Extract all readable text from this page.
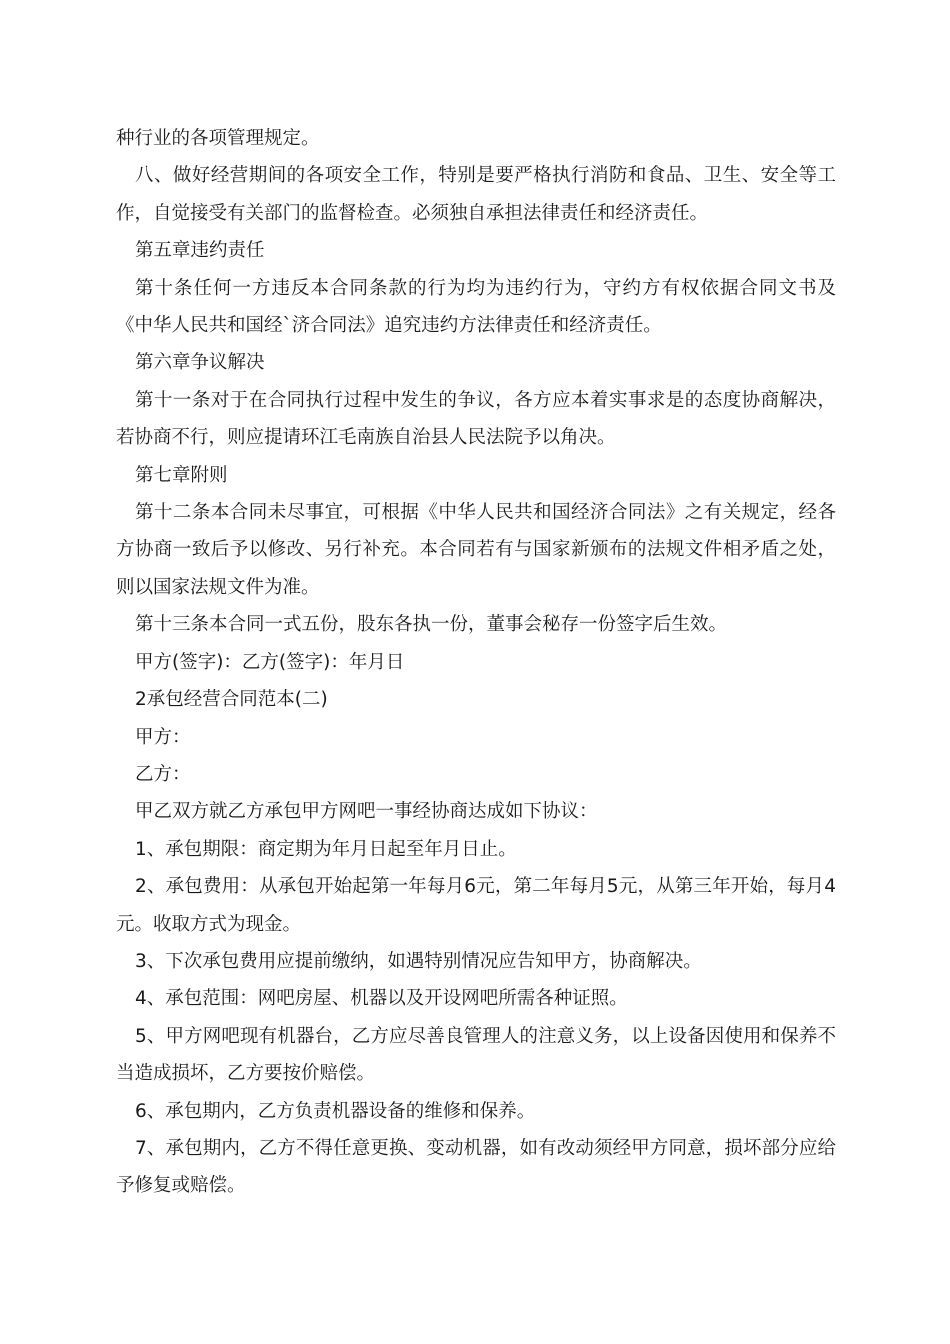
种行业的各项管理规定。

八、做好经营期间的各项安全工作，特别是要严格执行消防和食品、卫生、安全等工作，自觉接受有关部门的监督检查。必须独自承担法律责任和经济责任。

第五章违约责任

第十条任何一方违反本合同条款的行为均为违约行为，守约方有权依据合同文书及《中华人民共和国经`济合同法》追究违约方法律责任和经济责任。

第六章争议解决

第十一条对于在合同执行过程中发生的争议，各方应本着实事求是的态度协商解决，若协商不行，则应提请环江毛南族自治县人民法院予以角决。

第七章附则

第十二条本合同未尽事宜，可根据《中华人民共和国经济合同法》之有关规定，经各方协商一致后予以修改、另行补充。本合同若有与国家新颁布的法规文件相矛盾之处，则以国家法规文件为准。

第十三条本合同一式五份，股东各执一份，董事会秘存一份签字后生效。

甲方(签字)：乙方(签字)：年月日

2承包经营合同范本(二)

甲方：

乙方：

甲乙双方就乙方承包甲方网吧一事经协商达成如下协议：

1、承包期限：商定期为年月日起至年月日止。

2、承包费用：从承包开始起第一年每月6元，第二年每月5元，从第三年开始，每月4元。收取方式为现金。

3、下次承包费用应提前缴纳，如遇特别情况应告知甲方，协商解决。

4、承包范围：网吧房屋、机器以及开设网吧所需各种证照。

5、甲方网吧现有机器台，乙方应尽善良管理人的注意义务，以上设备因使用和保养不当造成损坏，乙方要按价赔偿。

6、承包期内，乙方负责机器设备的维修和保养。

7、承包期内，乙方不得任意更换、变动机器，如有改动须经甲方同意，损坏部分应给予修复或赔偿。
